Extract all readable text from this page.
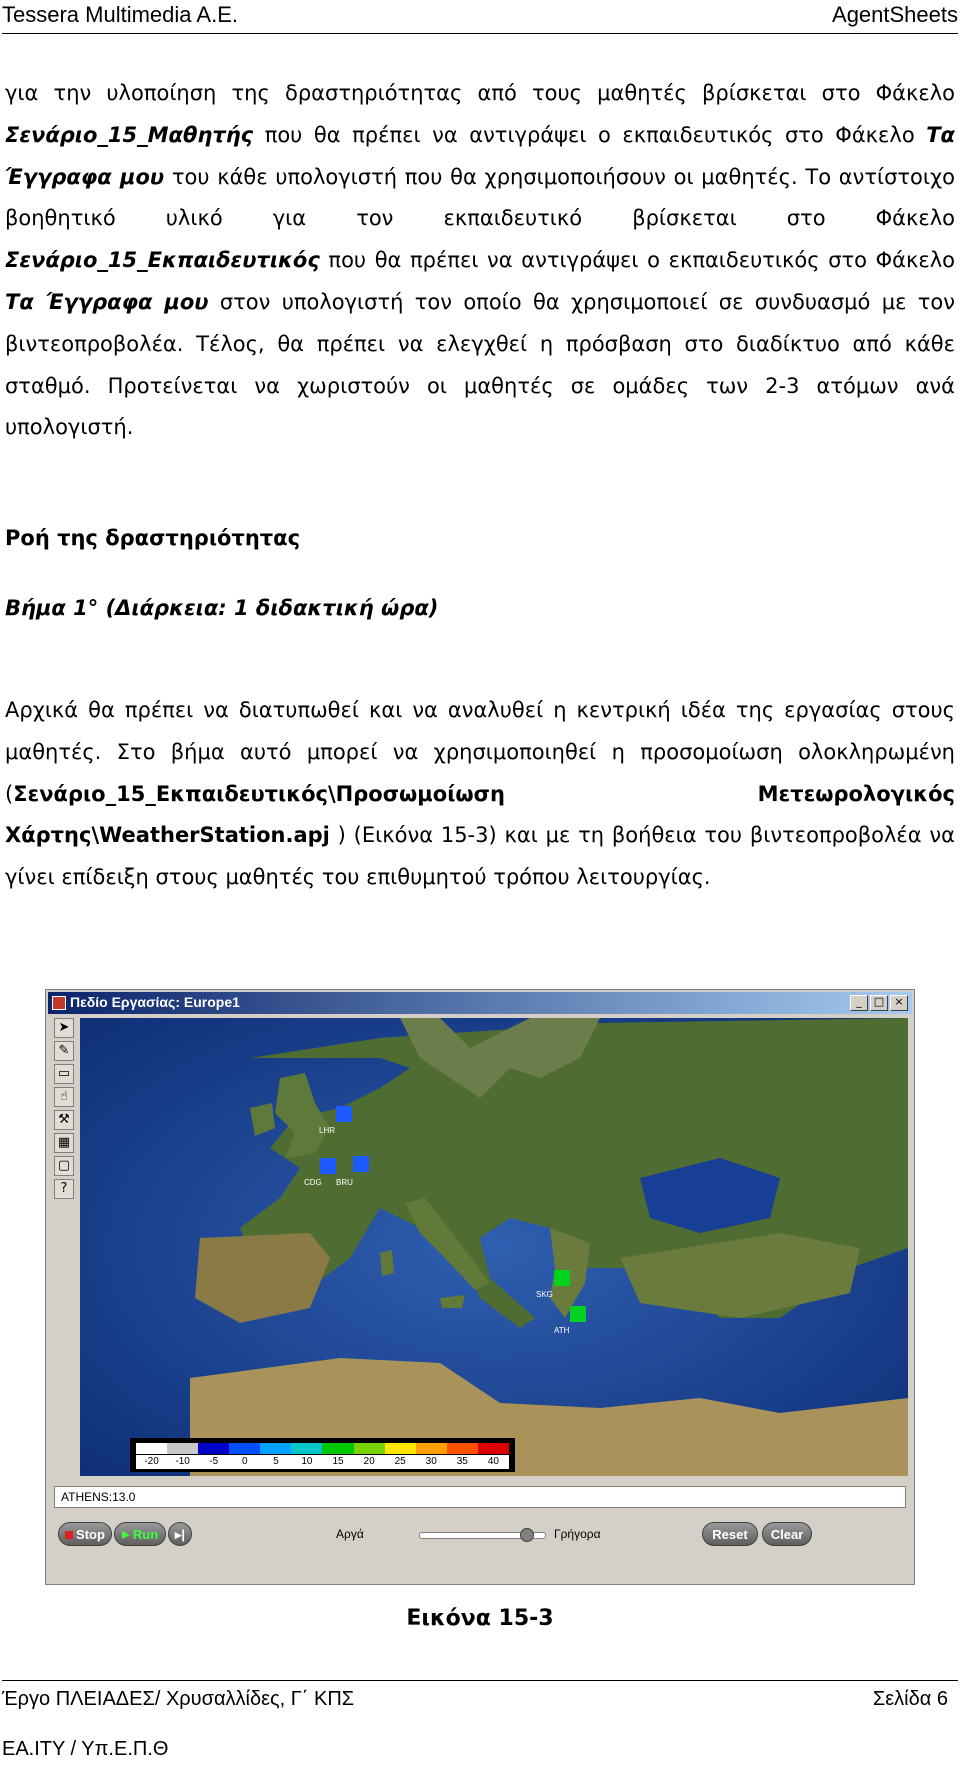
Tessera Multimedia A.E.	AgentSheets

για την υλοποίηση της δραστηριότητας από τους μαθητές βρίσκεται στο Φάκελο Σενάριο_15_Μαθητής που θα πρέπει να αντιγράψει ο εκπαιδευτικός στο Φάκελο Τα Έγγραφα μου του κάθε υπολογιστή που θα χρησιμοποιήσουν οι μαθητές. Το αντίστοιχο βοηθητικό υλικό για τον εκπαιδευτικό βρίσκεται στο Φάκελο Σενάριο_15_Εκπαιδευτικός που θα πρέπει να αντιγράψει ο εκπαιδευτικός στο Φάκελο Τα Έγγραφα μου στον υπολογιστή τον οποίο θα χρησιμοποιεί σε συνδυασμό με τον βιντεοπροβολέα. Τέλος, θα πρέπει να ελεγχθεί η πρόσβαση στο διαδίκτυο από κάθε σταθμό. Προτείνεται να χωριστούν οι μαθητές σε ομάδες των 2-3 ατόμων ανά υπολογιστή.

Ροή της δραστηριότητας
Βήμα 1° (Διάρκεια: 1 διδακτική ώρα)

Αρχικά θα πρέπει να διατυπωθεί και να αναλυθεί η κεντρική ιδέα της εργασίας στους μαθητές. Στο βήμα αυτό μπορεί να χρησιμοποιηθεί η προσομοίωση ολοκληρωμένη (Σενάριο_15_Εκπαιδευτικός\Προσωμοίωση Μετεωρολογικός Χάρτης\WeatherStation.apj ) (Εικόνα 15-3) και με τη βοήθεια του βιντεοπροβολέα να γίνει επίδειξη στους μαθητές του επιθυμητού τρόπου λειτουργίας.

Πεδίο Εργασίας: Europe1	_	□ ×
➤
✎
▭
☝
⚒
▦
▢
?
LHR
CDG BRU
SKG
ATH
-20	-10	-5	0	5	10	15	20	25	30	35	40
ATHENS:13.0
Stop	Run	▸|	Αργά	Γρήγορα	Reset	Clear

Εικόνα 15-3

Έργο ΠΛΕΙΑΔΕΣ/ Χρυσαλλίδες, Γ΄ ΚΠΣ	Σελίδα 6
ΕΑ.ΙΤΥ / Υπ.Ε.Π.Θ
